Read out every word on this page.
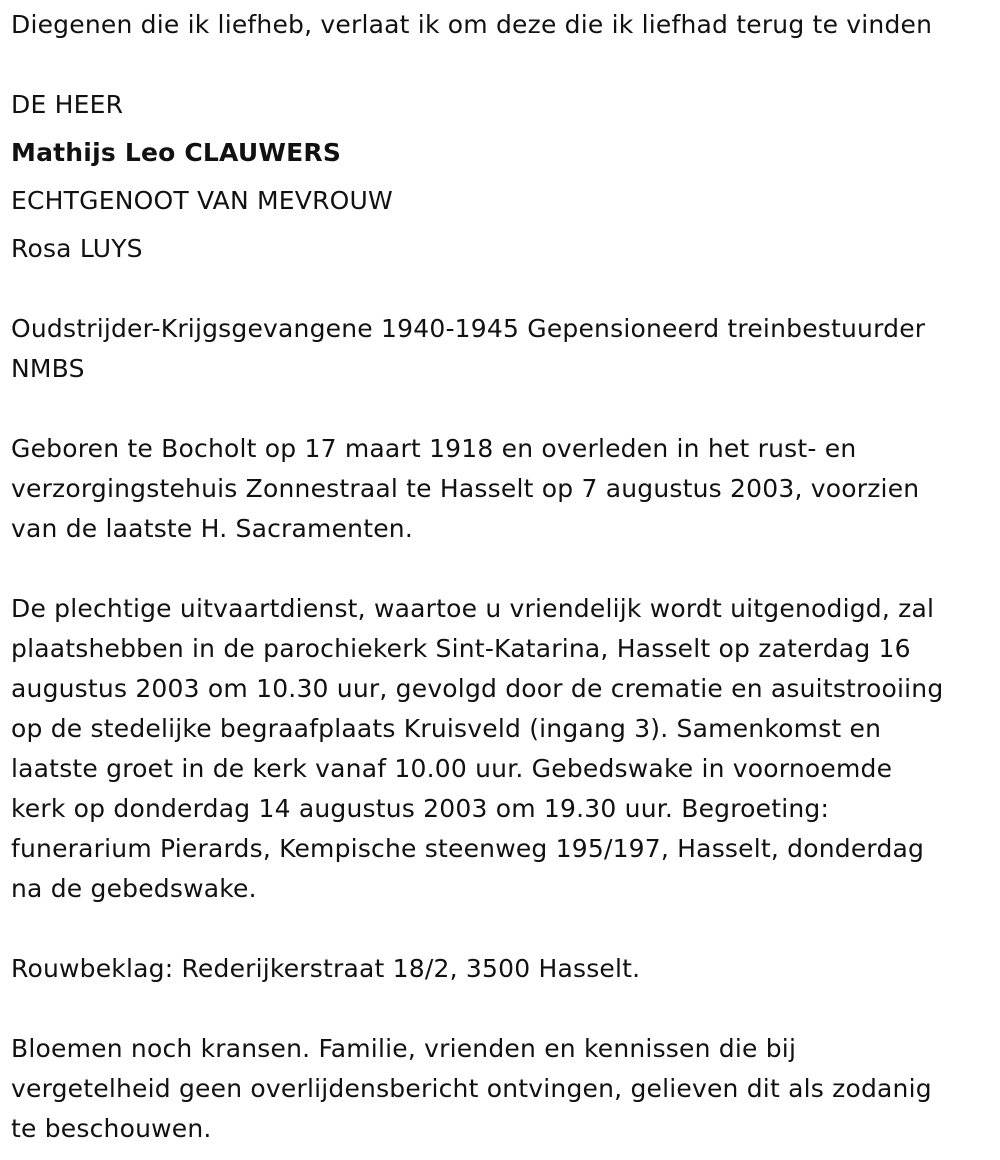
Diegenen die ik liefheb, verlaat ik om deze die ik liefhad terug te vinden
DE HEER
Mathijs Leo CLAUWERS
ECHTGENOOT VAN MEVROUW
Rosa LUYS
Oudstrijder-Krijgsgevangene 1940-1945 Gepensioneerd treinbestuurder
NMBS
Geboren te Bocholt op 17 maart 1918 en overleden in het rust- en
verzorgingstehuis Zonnestraal te Hasselt op 7 augustus 2003, voorzien
van de laatste H. Sacramenten.
De plechtige uitvaartdienst, waartoe u vriendelijk wordt uitgenodigd, zal
plaatshebben in de parochiekerk Sint-Katarina, Hasselt op zaterdag 16
augustus 2003 om 10.30 uur, gevolgd door de crematie en asuitstrooiing
op de stedelijke begraafplaats Kruisveld (ingang 3). Samenkomst en
laatste groet in de kerk vanaf 10.00 uur. Gebedswake in voornoemde
kerk op donderdag 14 augustus 2003 om 19.30 uur. Begroeting:
funerarium Pierards, Kempische steenweg 195/197, Hasselt, donderdag
na de gebedswake.
Rouwbeklag: Rederijkerstraat 18/2, 3500 Hasselt.
Bloemen noch kransen. Familie, vrienden en kennissen die bij
vergetelheid geen overlijdensbericht ontvingen, gelieven dit als zodanig
te beschouwen.
